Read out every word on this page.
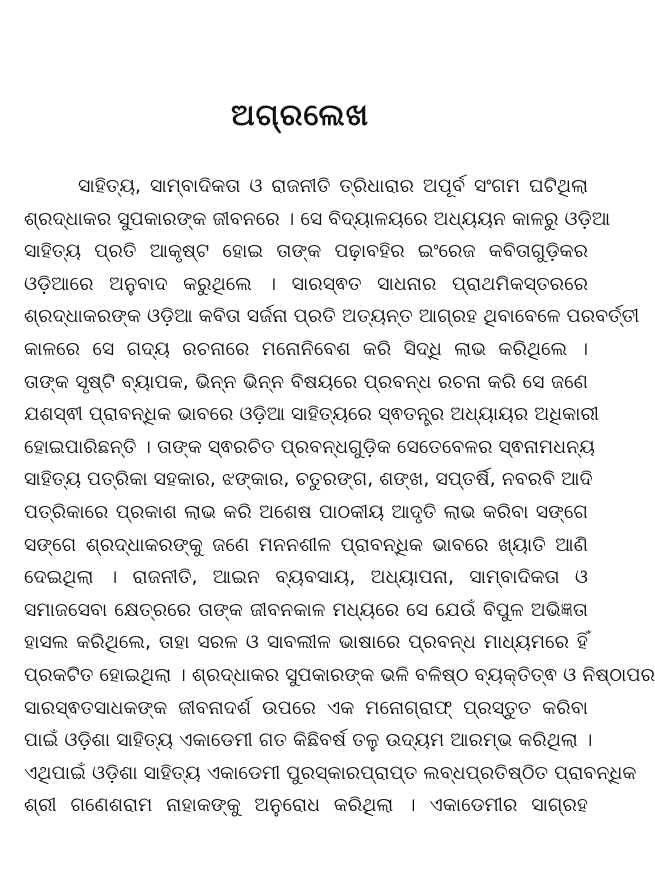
ଅଗ୍ରଲେଖ
ସାହିତ୍ୟ, ସାମ୍ବାଦିକତା ଓ ରାଜନୀତି ତ୍ରିଧାରାର ଅପୂର୍ବ ସଂଗମ ଘଟିଥିଲା
ଶ୍ରଦ୍ଧାକର ସୁପକାରଙ୍କ ଜୀବନରେ । ସେ ବିଦ୍ୟାଳୟରେ ଅଧ୍ୟୟନ କାଳରୁ ଓଡ଼ିଆ
ସାହିତ୍ୟ ପ୍ରତି ଆକୃଷ୍ଟ ହୋଇ ତାଙ୍କ ପଢ଼ାବହିର ଇଂରେଜ କବିତାଗୁଡ଼ିକର
ଓଡ଼ିଆରେ ଅନୁବାଦ କରୁଥିଲେ । ସାରସ୍ଵତ ସାଧନାର ପ୍ରାଥମିକସ୍ତରରେ
ଶ୍ରଦ୍ଧାକରଙ୍କ ଓଡ଼ିଆ କବିତା ସର୍ଜନା ପ୍ରତି ଅତ୍ୟନ୍ତ ଆଗ୍ରହ ଥିବାବେଳେ ପରବର୍ତ୍ତୀ
କାଳରେ ସେ ଗଦ୍ୟ ରଚନାରେ ମନୋନିବେଶ କରି ସିଦ୍ଧି ଲାଭ କରିଥିଲେ ।
ତାଙ୍କ ସୃଷ୍ଟି ବ୍ୟାପକ, ଭିନ୍ନ ଭିନ୍ନ ବିଷୟରେ ପ୍ରବନ୍ଧ ରଚନା କରି ସେ ଜଣେ
ଯଶସ୍ଵୀ ପ୍ରାବନ୍ଧିକ ଭାବରେ ଓଡ଼ିଆ ସାହିତ୍ୟରେ ସ୍ଵତନ୍ତ୍ର ଅଧ୍ୟାୟର ଅଧିକାରୀ
ହୋଇପାରିଛନ୍ତି । ତାଙ୍କ ସ୍ଵରଚିତ ପ୍ରବନ୍ଧଗୁଡ଼ିକ ସେତେବେଳର ସ୍ଵନାମଧନ୍ୟ
ସାହିତ୍ୟ ପତ୍ରିକା ସହକାର, ଝଙ୍କାର, ଚତୁରଙ୍ଗ, ଶଙ୍ଖ, ସପ୍ତର୍ଷି, ନବରବି ଆଦି
ପତ୍ରିକାରେ ପ୍ରକାଶ ଲାଭ କରି ଅଶେଷ ପାଠକୀୟ ଆଦୃତି ଲାଭ କରିବା ସଙ୍ଗେ
ସଙ୍ଗେ ଶ୍ରଦ୍ଧାକରଙ୍କୁ ଜଣେ ମନନଶୀଳ ପ୍ରାବନ୍ଧିକ ଭାବରେ ଖ୍ୟାତି ଆଣି
ଦେଇଥିଲା । ରାଜନୀତି, ଆଇନ ବ୍ୟବସାୟ, ଅଧ୍ୟାପନା, ସାମ୍ବାଦିକତା ଓ
ସମାଜସେବା କ୍ଷେତ୍ରରେ ତାଙ୍କ ଜୀବନକାଳ ମଧ୍ୟରେ ସେ ଯେଉଁ ବିପୁଳ ଅଭିଜ୍ଞତା
ହାସଲ କରିଥିଲେ, ତାହା ସରଳ ଓ ସାବଲୀଳ ଭାଷାରେ ପ୍ରବନ୍ଧ ମାଧ୍ୟମରେ ହିଁ
ପ୍ରକଟିତ ହୋଇଥିଲା । ଶ୍ରଦ୍ଧାକର ସୁପକାରଙ୍କ ଭଳି ବଳିଷ୍ଠ ବ୍ୟକ୍ତିତ୍ଵ ଓ ନିଷ୍ଠାପର
ସାରସ୍ଵତସାଧକଙ୍କ ଜୀବନାଦର୍ଶ ଉପରେ ଏକ ମନୋଗ୍ରାଫ୍ ପ୍ରସ୍ତୁତ କରିବା
ପାଇଁ ଓଡ଼ିଶା ସାହିତ୍ୟ ଏକାଡେମୀ ଗତ କିଛିବର୍ଷ ତଳୁ ଉଦ୍ୟମ ଆରମ୍ଭ କରିଥିଲା ।
ଏଥିପାଇଁ ଓଡ଼ିଶା ସାହିତ୍ୟ ଏକାଡେମୀ ପୁରସ୍କାରପ୍ରାପ୍ତ ଲବ୍ଧପ୍ରତିଷ୍ଠିତ ପ୍ରାବନ୍ଧିକ
ଶ୍ରୀ ଗଣେଶରାମ ନାହାକଙ୍କୁ ଅନୁରୋଧ କରିଥିଲା । ଏକାଡେମୀର ସାଗ୍ରହ
